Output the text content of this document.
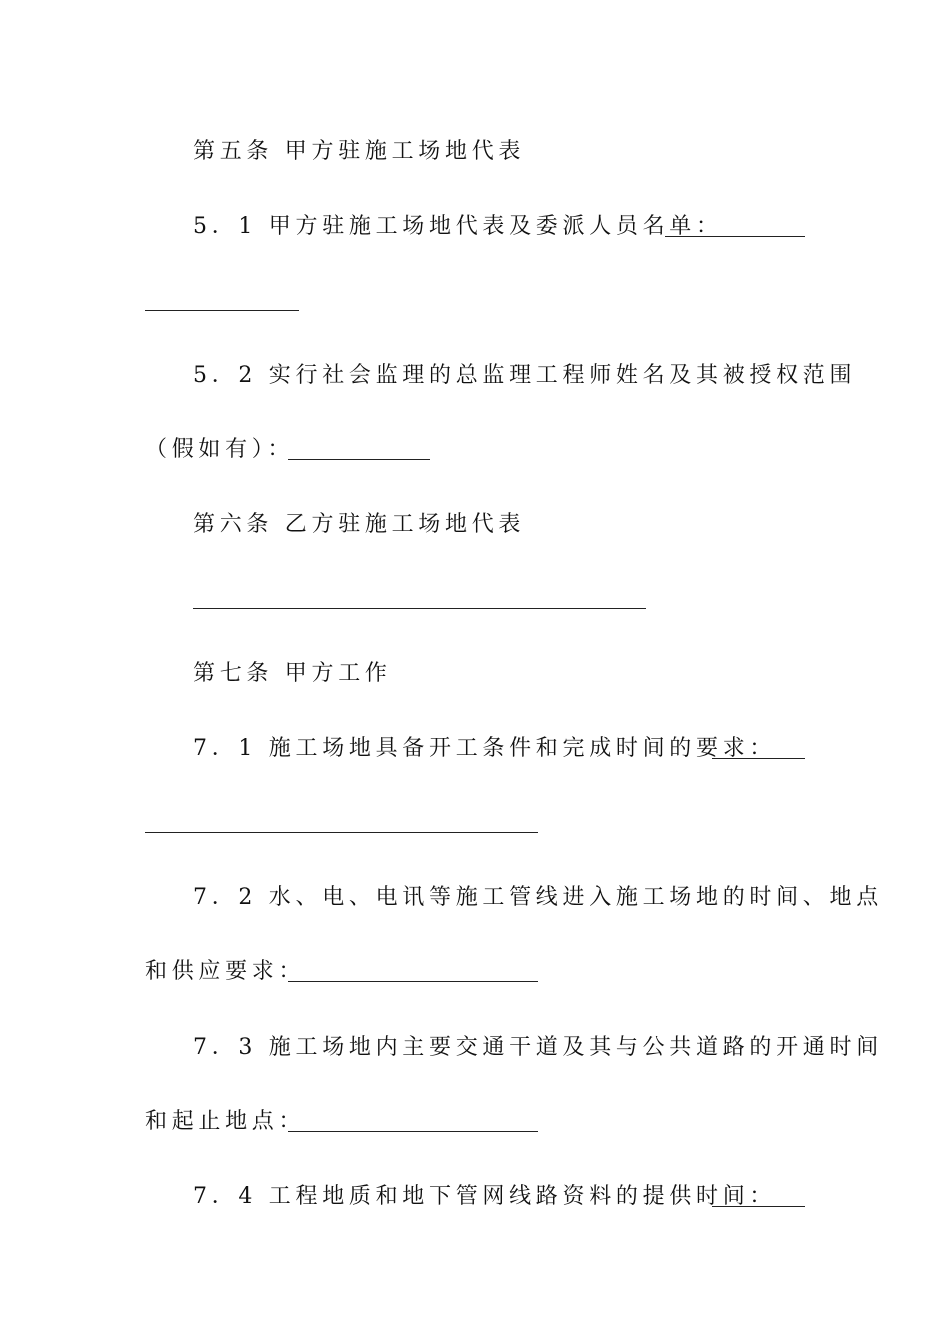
第五条 甲方驻施工场地代表
5．1 甲方驻施工场地代表及委派人员名单：
5．2 实行社会监理的总监理工程师姓名及其被授权范围
（假如有）：
第六条 乙方驻施工场地代表
第七条 甲方工作
7．1 施工场地具备开工条件和完成时间的要求：
7．2 水、电、电讯等施工管线进入施工场地的时间、地点
和供应要求：
7．3 施工场地内主要交通干道及其与公共道路的开通时间
和起止地点：
7．4 工程地质和地下管网线路资料的提供时间：
